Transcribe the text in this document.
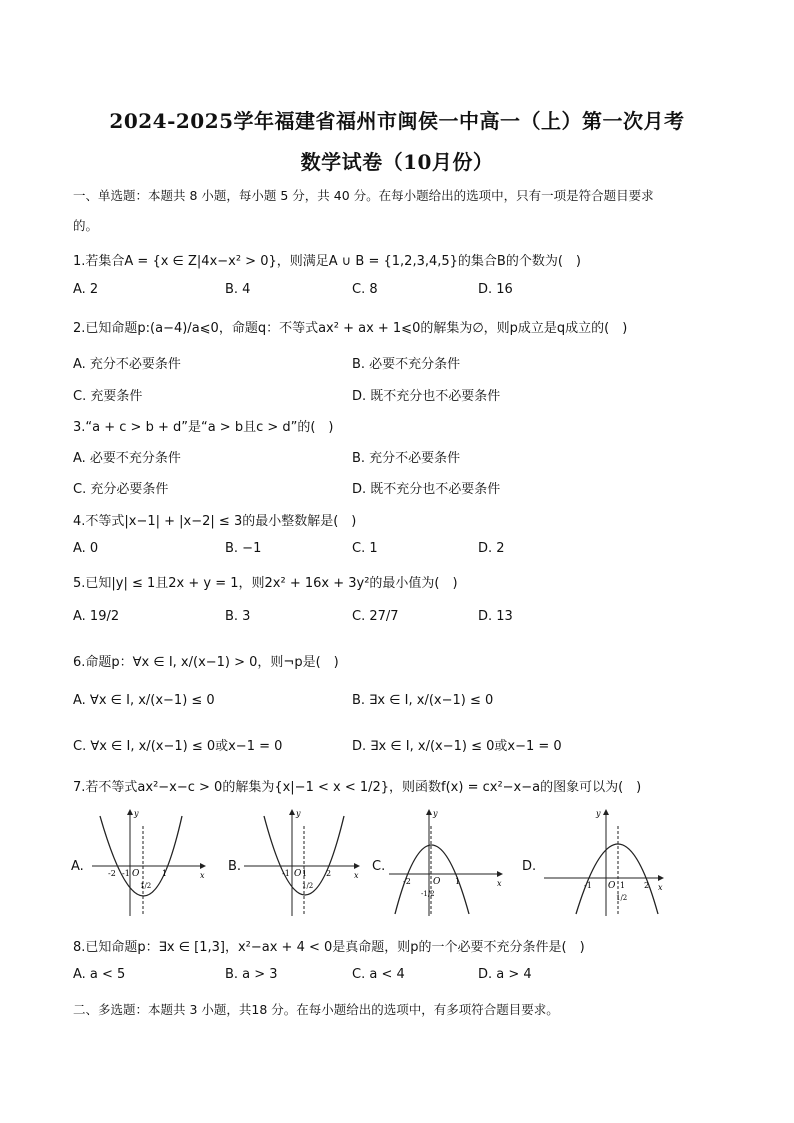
2024-2025学年福建省福州市闽侯一中高一（上）第一次月考
数学试卷（10月份）
一、单选题：本题共 8 小题，每小题 5 分，共 40 分。在每小题给出的选项中，只有一项是符合题目要求
的。
1.若集合A = {x ∈ Z|4x−x² > 0}，则满足A ∪ B = {1,2,3,4,5}的集合B的个数为(　)
A. 2	B. 4	C. 8	D. 16
2.已知命题p:(a−4)/a⩽0，命题q：不等式ax² + ax + 1⩽0的解集为∅，则p成立是q成立的(　)
A. 充分不必要条件	B. 必要不充分条件
C. 充要条件	D. 既不充分也不必要条件
3.“a + c > b + d”是“a > b且c > d”的(　)
A. 必要不充分条件	B. 充分不必要条件
C. 充分必要条件	D. 既不充分也不必要条件
4.不等式|x−1| + |x−2| ≤ 3的最小整数解是(　)
A. 0	B. −1	C. 1	D. 2
5.已知|y| ≤ 1且2x + y = 1，则2x² + 16x + 3y²的最小值为(　)
A. 19/2	B. 3	C. 27/7	D. 13
6.命题p：∀x ∈ I, x/(x−1) > 0，则¬p是(　)
A. ∀x ∈ I, x/(x−1) ≤ 0	B. ∃x ∈ I, x/(x−1) ≤ 0
C. ∀x ∈ I, x/(x−1) ≤ 0或x−1 = 0	D. ∃x ∈ I, x/(x−1) ≤ 0或x−1 = 0
7.若不等式ax²−x−c > 0的解集为{x|−1 < x < 1/2}，则函数f(x) = cx²−x−a的图象可以为(　)
A.
y
x
O
-2 -1	1
1/2
B.
y
x
O
-1 1 2
1/2
C.
y
x
O
-2	1
-1/2
D.
y
x
O
-1	1 2
1/2
8.已知命题p：∃x ∈ [1,3]，x²−ax + 4 < 0是真命题，则p的一个必要不充分条件是(　)
A. a < 5	B. a > 3	C. a < 4	D. a > 4
二、多选题：本题共 3 小题，共18 分。在每小题给出的选项中，有多项符合题目要求。
